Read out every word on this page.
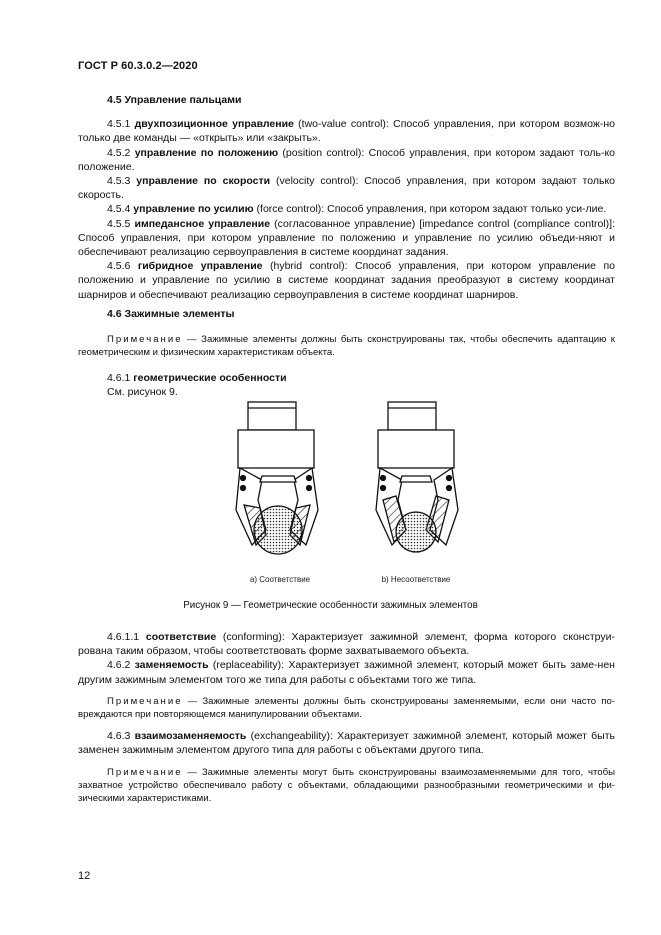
ГОСТ Р 60.3.0.2—2020

4.5 Управление пальцами

4.5.1 двухпозиционное управление (two-value control): Способ управления, при котором возмож-но только две команды — «открыть» или «закрыть».

4.5.2 управление по положению (position control): Способ управления, при котором задают толь-ко положение.

4.5.3 управление по скорости (velocity control): Способ управления, при котором задают только скорость.

4.5.4 управление по усилию (force control): Способ управления, при котором задают только уси-лие.

4.5.5 импедансное управление (согласованное управление) [impedance control (compliance control)]: Способ управления, при котором управление по положению и управление по усилию объеди-няют и обеспечивают реализацию сервоуправления в системе координат задания.

4.5.6 гибридное управление (hybrid control): Способ управления, при котором управление по положению и управление по усилию в системе координат задания преобразуют в систему координат шарниров и обеспечивают реализацию сервоуправления в системе координат шарниров.

4.6 Зажимные элементы

Примечание — Зажимные элементы должны быть сконструированы так, чтобы обеспечить адаптацию к геометрическим и физическим характеристикам объекта.

4.6.1 геометрические особенности

См. рисунок 9.

a) Соответствие	b) Несоответствие
Рисунок 9 — Геометрические особенности зажимных элементов

4.6.1.1 соответствие (conforming): Характеризует зажимной элемент, форма которого сконструи-рована таким образом, чтобы соответствовать форме захватываемого объекта.

4.6.2 заменяемость (replaceability): Характеризует зажимной элемент, который может быть заме-нен другим зажимным элементом того же типа для работы с объектами того же типа.

Примечание — Зажимные элементы должны быть сконструированы заменяемыми, если они часто по-вреждаются при повторяющемся манипулировании объектами.

4.6.3 взаимозаменяемость (exchangeability): Характеризует зажимной элемент, который может быть заменен зажимным элементом другого типа для работы с объектами другого типа.

Примечание — Зажимные элементы могут быть сконструированы взаимозаменяемыми для того, чтобы захватное устройство обеспечивало работу с объектами, обладающими разнообразными геометрическими и фи-зическими характеристиками.

12
